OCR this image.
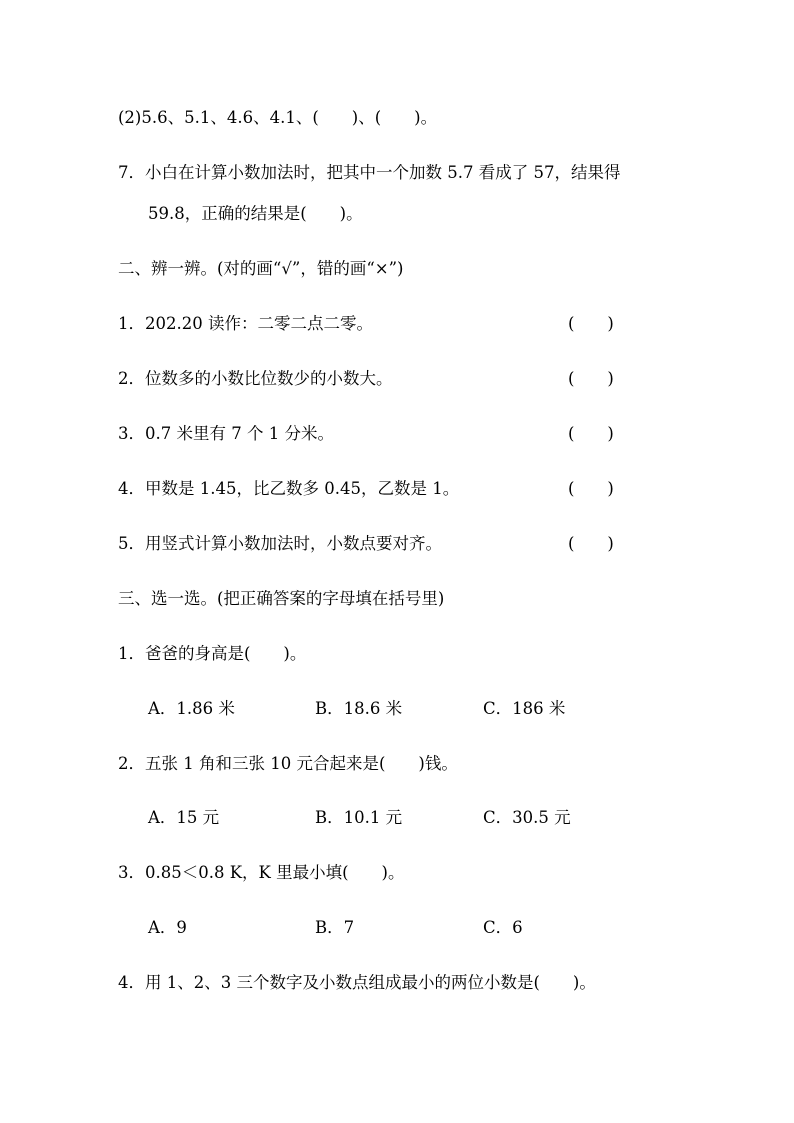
(2)5.6、5.1、4.6、4.1、(　　)、(　　)。
7．小白在计算小数加法时，把其中一个加数 5.7 看成了 57，结果得
59.8，正确的结果是(　　)。
二、辨一辨。(对的画“√”，错的画“×”)
1．202.20 读作：二零二点二零。	(　　)
2．位数多的小数比位数少的小数大。	(　　)
3．0.7 米里有 7 个 1 分米。	(　　)
4．甲数是 1.45，比乙数多 0.45，乙数是 1。	(　　)
5．用竖式计算小数加法时，小数点要对齐。	(　　)
三、选一选。(把正确答案的字母填在括号里)
1．爸爸的身高是(　　)。
A．1.86 米	B．18.6 米	C．186 米
2．五张 1 角和三张 10 元合起来是(　　)钱。
A．15 元	B．10.1 元	C．30.5 元
3．0.85＜0.8 K，K 里最小填(　　)。
A．9	B．7	C．6
4．用 1、2、3 三个数字及小数点组成最小的两位小数是(　　)。
